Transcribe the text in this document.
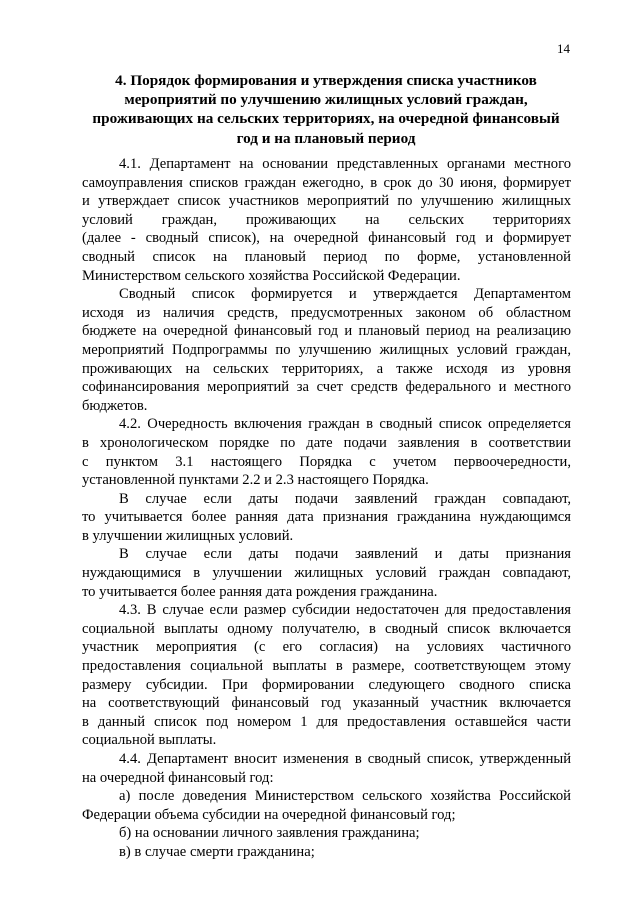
14
4. Порядок формирования и утверждения списка участников
мероприятий по улучшению жилищных условий граждан,
проживающих на сельских территориях, на очередной финансовый
год и на плановый период
4.1. Департамент на основании представленных органами местного
самоуправления списков граждан ежегодно, в срок до 30 июня, формирует
и утверждает список участников мероприятий по улучшению жилищных
условий граждан, проживающих на сельских территориях
(далее - сводный список), на очередной финансовый год и формирует
сводный список на плановый период по форме, установленной
Министерством сельского хозяйства Российской Федерации.
Сводный список формируется и утверждается Департаментом
исходя из наличия средств, предусмотренных законом об областном
бюджете на очередной финансовый год и плановый период на реализацию
мероприятий Подпрограммы по улучшению жилищных условий граждан,
проживающих на сельских территориях, а также исходя из уровня
софинансирования мероприятий за счет средств федерального и местного
бюджетов.
4.2. Очередность включения граждан в сводный список определяется
в хронологическом порядке по дате подачи заявления в соответствии
с пунктом 3.1 настоящего Порядка с учетом первоочередности,
установленной пунктами 2.2 и 2.3 настоящего Порядка.
В случае если даты подачи заявлений граждан совпадают,
то учитывается более ранняя дата признания гражданина нуждающимся
в улучшении жилищных условий.
В случае если даты подачи заявлений и даты признания
нуждающимися в улучшении жилищных условий граждан совпадают,
то учитывается более ранняя дата рождения гражданина.
4.3. В случае если размер субсидии недостаточен для предоставления
социальной выплаты одному получателю, в сводный список включается
участник мероприятия (с его согласия) на условиях частичного
предоставления социальной выплаты в размере, соответствующем этому
размеру субсидии. При формировании следующего сводного списка
на соответствующий финансовый год указанный участник включается
в данный список под номером 1 для предоставления оставшейся части
социальной выплаты.
4.4. Департамент вносит изменения в сводный список, утвержденный
на очередной финансовый год:
а) после доведения Министерством сельского хозяйства Российской
Федерации объема субсидии на очередной финансовый год;
б) на основании личного заявления гражданина;
в) в случае смерти гражданина;
